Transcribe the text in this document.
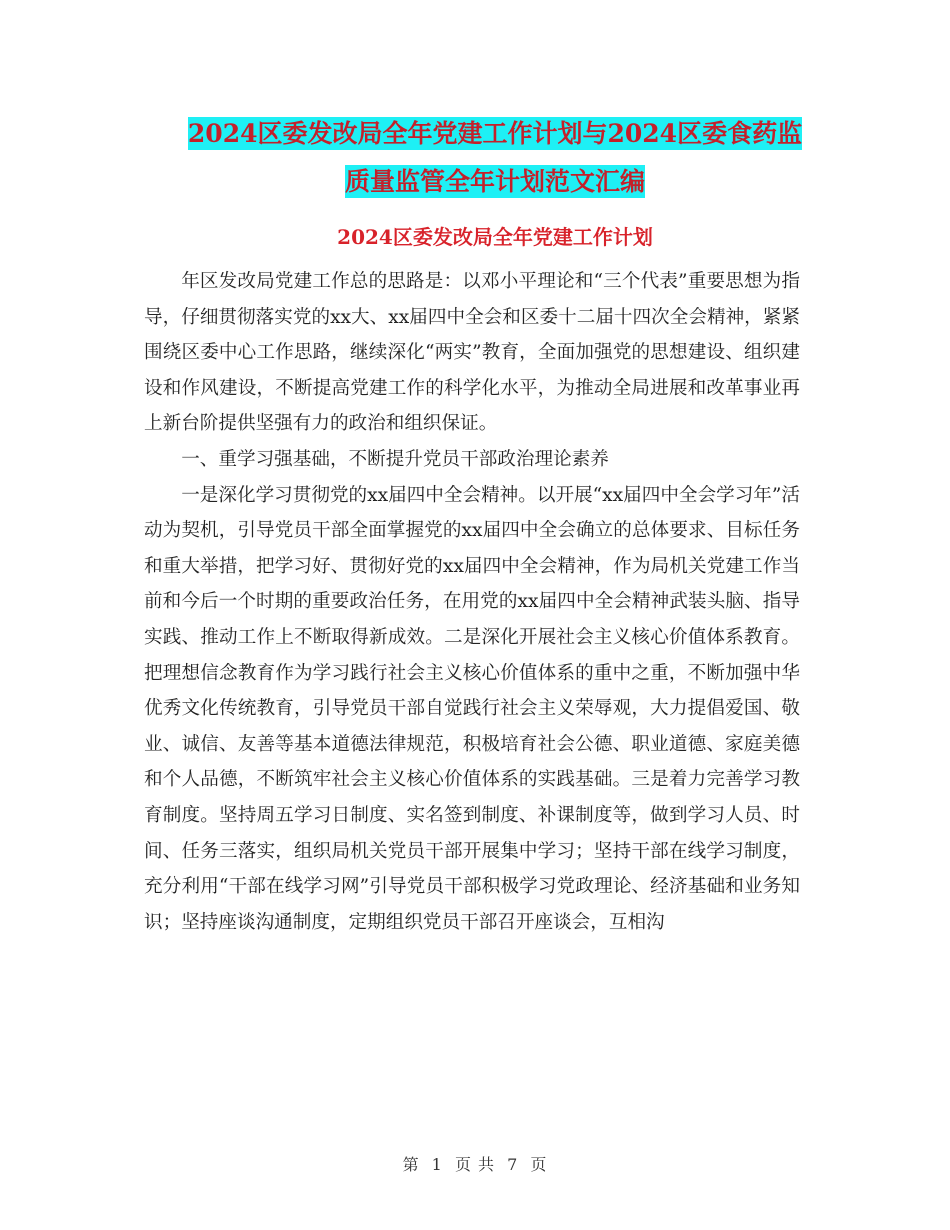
2024区委发改局全年党建工作计划与2024区委食药监
质量监管全年计划范文汇编
2024区委发改局全年党建工作计划

年区发改局党建工作总的思路是：以邓小平理论和“三个代表”重要思想为指导，仔细贯彻落实党的xx大、xx届四中全会和区委十二届十四次全会精神，紧紧围绕区委中心工作思路，继续深化“两实”教育，全面加强党的思想建设、组织建设和作风建设，不断提高党建工作的科学化水平，为推动全局进展和改革事业再上新台阶提供坚强有力的政治和组织保证。

一、重学习强基础，不断提升党员干部政治理论素养

一是深化学习贯彻党的xx届四中全会精神。以开展“xx届四中全会学习年”活动为契机，引导党员干部全面掌握党的xx届四中全会确立的总体要求、目标任务和重大举措，把学习好、贯彻好党的xx届四中全会精神，作为局机关党建工作当前和今后一个时期的重要政治任务，在用党的xx届四中全会精神武装头脑、指导实践、推动工作上不断取得新成效。二是深化开展社会主义核心价值体系教育。把理想信念教育作为学习践行社会主义核心价值体系的重中之重，不断加强中华优秀文化传统教育，引导党员干部自觉践行社会主义荣辱观，大力提倡爱国、敬业、诚信、友善等基本道德法律规范，积极培育社会公德、职业道德、家庭美德和个人品德，不断筑牢社会主义核心价值体系的实践基础。三是着力完善学习教育制度。坚持周五学习日制度、实名签到制度、补课制度等，做到学习人员、时间、任务三落实，组织局机关党员干部开展集中学习；坚持干部在线学习制度，充分利用“干部在线学习网”引导党员干部积极学习党政理论、经济基础和业务知识；坚持座谈沟通制度，定期组织党员干部召开座谈会，互相沟

第 1 页 共 7 页
